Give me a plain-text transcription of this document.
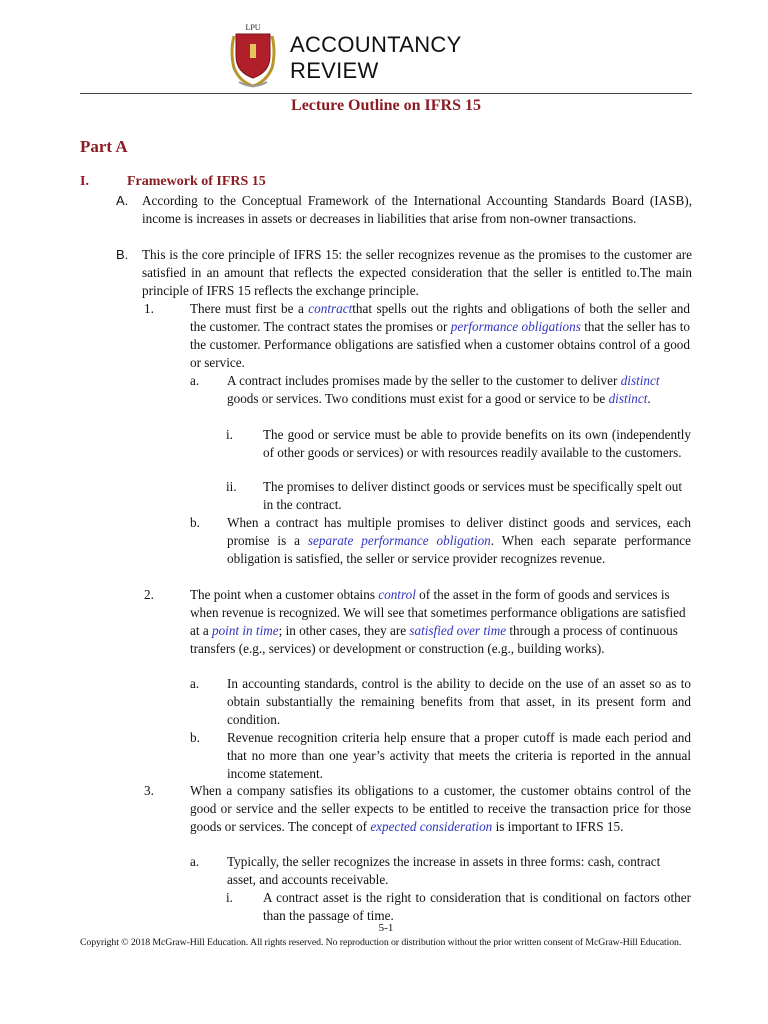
LPU
ACCOUNTANCY
REVIEW
Lecture Outline on IFRS 15
Part A
I.	Framework of IFRS 15
A. According to the Conceptual Framework of the International Accounting Standards Board (IASB), income is increases in assets or decreases in liabilities that arise from non-owner transactions.
B. This is the core principle of IFRS 15: the seller recognizes revenue as the promises to the customer are satisfied in an amount that reflects the expected consideration that the seller is entitled to.The main principle of IFRS 15 reflects the exchange principle.
1.	There must first be a contractthat spells out the rights and obligations of both the seller and the customer. The contract states the promises or performance obligations that the seller has to the customer. Performance obligations are satisfied when a customer obtains control of a good or service.
a. A contract includes promises made by the seller to the customer to deliver distinct goods or services. Two conditions must exist for a good or service to be distinct.
i. The good or service must be able to provide benefits on its own (independently of other goods or services) or with resources readily available to the customers.
ii. The promises to deliver distinct goods or services must be specifically spelt out in the contract.
b. When a contract has multiple promises to deliver distinct goods and services, each promise is a separate performance obligation. When each separate performance obligation is satisfied, the seller or service provider recognizes revenue.
2.	The point when a customer obtains control of the asset in the form of goods and services is when revenue is recognized. We will see that sometimes performance obligations are satisfied at a point in time; in other cases, they are satisfied over time through a process of continuous transfers (e.g., services) or development or construction (e.g., building works).
a. In accounting standards, control is the ability to decide on the use of an asset so as to obtain substantially the remaining benefits from that asset, in its present form and condition.
b. Revenue recognition criteria help ensure that a proper cutoff is made each period and that no more than one year’s activity that meets the criteria is reported in the annual income statement.
3.	When a company satisfies its obligations to a customer, the customer obtains control of the good or service and the seller expects to be entitled to receive the transaction price for those goods or services. The concept of expected consideration is important to IFRS 15.
a. Typically, the seller recognizes the increase in assets in three forms: cash, contract asset, and accounts receivable.
i. A contract asset is the right to consideration that is conditional on factors other than the passage of time.
5-1
Copyright © 2018 McGraw-Hill Education. All rights reserved. No reproduction or distribution without the prior written consent of McGraw-Hill Education.
